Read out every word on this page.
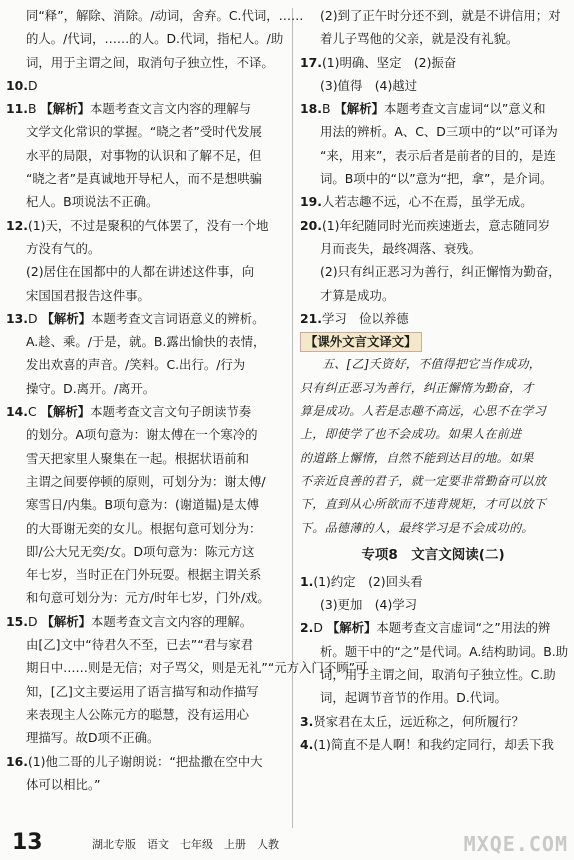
同“释”，解除、消除。/动词，舍弃。C.代词，……
的人。/代词，……的人。D.代词，指杞人。/助
词，用于主谓之间，取消句子独立性，不译。
10.D
11.B 【解析】本题考查文言文内容的理解与
文学文化常识的掌握。“晓之者”受时代发展
水平的局限，对事物的认识和了解不足，但
“晓之者”是真诚地开导杞人，而不是想哄骗
杞人。B项说法不正确。
12.(1)天，不过是聚积的气体罢了，没有一个地
方没有气的。
(2)居住在国都中的人都在讲述这件事，向
宋国国君报告这件事。
13.D 【解析】本题考查文言词语意义的辨析。
A.趁、乘。/于是，就。B.露出愉快的表情，
发出欢喜的声音。/笑料。C.出行。/行为
操守。D.离开。/离开。
14.C 【解析】本题考查文言文句子朗读节奏
的划分。A项句意为：谢太傅在一个寒冷的
雪天把家里人聚集在一起。根据状语前和
主谓之间要停顿的原则，可划分为：谢太傅/
寒雪日/内集。B项句意为：(谢道韫)是太傅
的大哥谢无奕的女儿。根据句意可划分为：
即/公大兄无奕/女。D项句意为：陈元方这
年七岁，当时正在门外玩耍。根据主谓关系
和句意可划分为：元方/时年七岁，门外/戏。
15.D 【解析】本题考查文言文内容的理解。
由[乙]文中“待君久不至，已去”“君与家君
期日中……则是无信；对子骂父，则是无礼”“元方入门不顾”可
知，[乙]文主要运用了语言描写和动作描写
来表现主人公陈元方的聪慧，没有运用心
理描写。故D项不正确。
16.(1)他二哥的儿子谢朗说：“把盐撒在空中大
体可以相比。”
(2)到了正午时分还不到，就是不讲信用；对
着儿子骂他的父亲，就是没有礼貌。
17.(1)明确、坚定　(2)振奋
(3)值得　(4)越过
18.B 【解析】本题考查文言虚词“以”意义和
用法的辨析。A、C、D三项中的“以”可译为
“来，用来”，表示后者是前者的目的，是连
词。B项中的“以”意为“把，拿”，是介词。
19.人若志趣不远，心不在焉，虽学无成。
20.(1)年纪随同时光而疾速逝去，意志随同岁
月而丧失，最终凋落、衰残。
(2)只有纠正恶习为善行，纠正懈惰为勤奋，
才算是成功。
21.学习　俭以养德
【课外文言文译文】
五、[乙]夭资好，不值得把它当作成功，
只有纠正恶习为善行，纠正懈惰为勤奋，才
算是成功。人若是志趣不高远，心思不在学习
上，即使学了也不会成功。如果人在前进
的道路上懈惰，自然不能到达目的地。如果
不亲近良善的君子，就一定要非常勤奋可以放
下，直到从心所欲而不违背规矩，才可以放下
下。品德薄的人，最终学习是不会成功的。
专项8　文言文阅读(二)
1.(1)约定　(2)回头看
(3)更加　(4)学习
2.D 【解析】本题考查文言虚词“之”用法的辨
析。题干中的“之”是代词。A.结构助词。B.助
词，用于主谓之间，取消句子独立性。C.助
词，起调节音节的作用。D.代词。
3.贤家君在太丘，远近称之，何所履行？
4.(1)简直不是人啊！和我约定同行，却丢下我
13	湖北专版　语文　七年级　上册　人教	MXQE.COM
